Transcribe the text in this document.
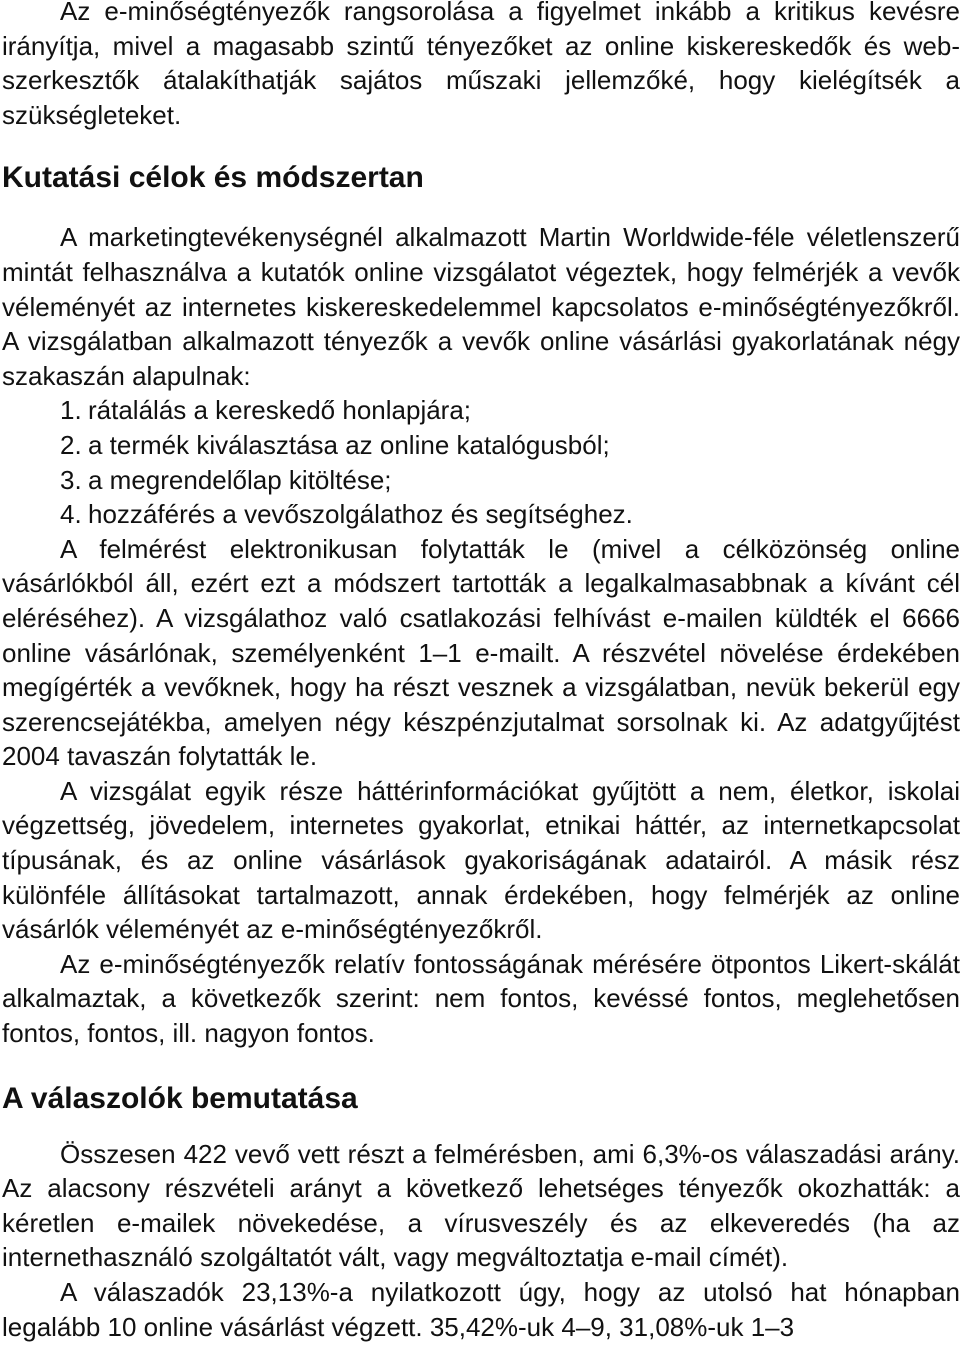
Az e-minőségtényezők rangsorolása a figyelmet inkább a kritikus kevésre irányítja, mivel a magasabb szintű tényezőket az online kiskereskedők és web-szerkesztők átalakíthatják sajátos műszaki jellemzőké, hogy kielégítsék a szükségleteket.

Kutatási célok és módszertan

A marketingtevékenységnél alkalmazott Martin Worldwide-féle véletlenszerű mintát felhasználva a kutatók online vizsgálatot végeztek, hogy felmérjék a vevők véleményét az internetes kiskereskedelemmel kapcsolatos e-minőségtényezőkről. A vizsgálatban alkalmazott tényezők a vevők online vásárlási gyakorlatának négy szakaszán alapulnak:

1. rátalálás a kereskedő honlapjára;
2. a termék kiválasztása az online katalógusból;
3. a megrendelőlap kitöltése;
4. hozzáférés a vevőszolgálathoz és segítséghez.

A felmérést elektronikusan folytatták le (mivel a célközönség online vásárlókból áll, ezért ezt a módszert tartották a legalkalmasabbnak a kívánt cél eléréséhez). A vizsgálathoz való csatlakozási felhívást e-mailen küldték el 6666 online vásárlónak, személyenként 1–1 e-mailt. A részvétel növelése érdekében megígérték a vevőknek, hogy ha részt vesznek a vizsgálatban, nevük bekerül egy szerencsejátékba, amelyen négy készpénzjutalmat sorsolnak ki. Az adatgyűjtést 2004 tavaszán folytatták le.

A vizsgálat egyik része háttérinformációkat gyűjtött a nem, életkor, iskolai végzettség, jövedelem, internetes gyakorlat, etnikai háttér, az internetkapcsolat típusának, és az online vásárlások gyakoriságának adatairól. A másik rész különféle állításokat tartalmazott, annak érdekében, hogy felmérjék az online vásárlók véleményét az e-minőségtényezőkről.

Az e-minőségtényezők relatív fontosságának mérésére ötpontos Likert-skálát alkalmaztak, a következők szerint: nem fontos, kevéssé fontos, meglehetősen fontos, fontos, ill. nagyon fontos.

A válaszolók bemutatása

Összesen 422 vevő vett részt a felmérésben, ami 6,3%-os válaszadási arány. Az alacsony részvételi arányt a következő lehetséges tényezők okozhatták: a kéretlen e-mailek növekedése, a vírusveszély és az elkeveredés (ha az internethasználó szolgáltatót vált, vagy megváltoztatja e-mail címét).

A válaszadók 23,13%-a nyilatkozott úgy, hogy az utolsó hat hónapban legalább 10 online vásárlást végzett. 35,42%-uk 4–9, 31,08%-uk 1–3
